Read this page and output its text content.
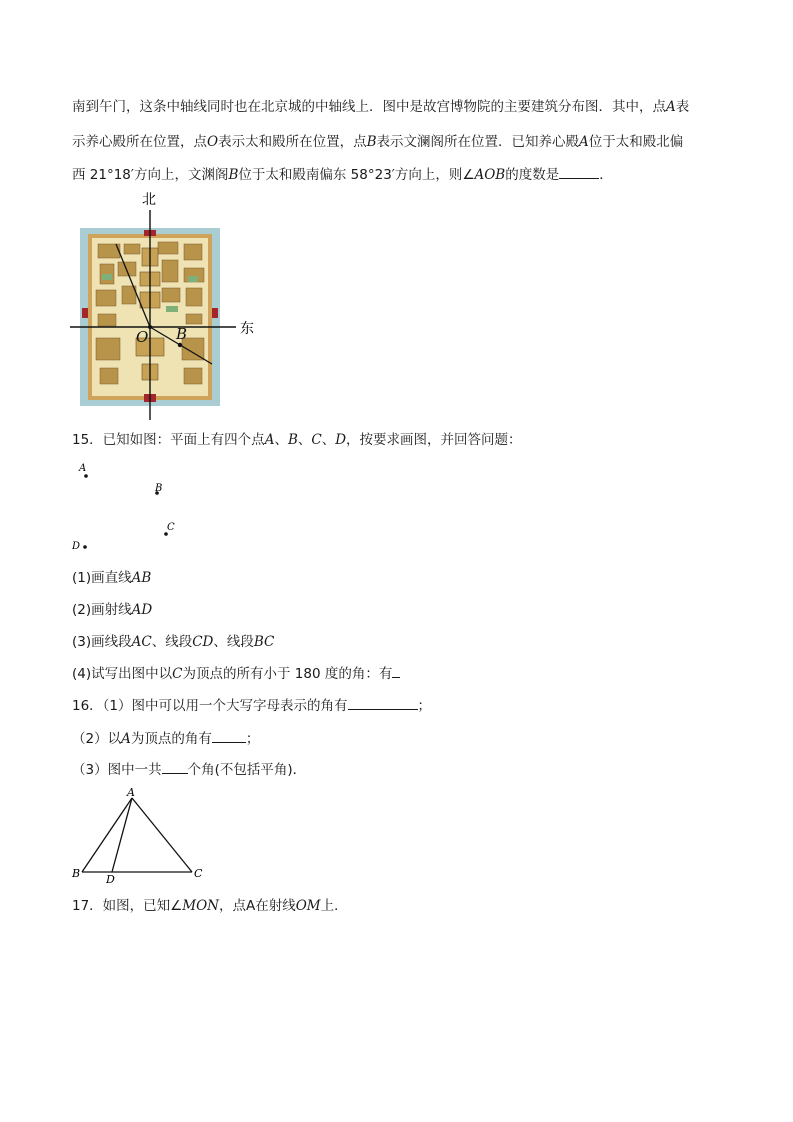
南到午门，这条中轴线同时也在北京城的中轴线上．图中是故宫博物院的主要建筑分布图．其中，点A表
示养心殿所在位置，点O表示太和殿所在位置，点B表示文澜阁所在位置．已知养心殿A位于太和殿北偏
西 21°18′方向上，文渊阁B位于太和殿南偏东 58°23′方向上，则∠AOB的度数是	．
北
东
O B
15．已知如图：平面上有四个点A、B、C、D，按要求画图，并回答问题：
A
B
C
D
(1)画直线AB
(2)画射线AD
(3)画线段AC、线段CD、线段BC
(4)试写出图中以C为顶点的所有小于 180 度的角：有
16．（1）图中可以用一个大写字母表示的角有	；
（2）以A为顶点的角有	；
（3）图中一共 个角(不包括平角)．
A
B	C
D
17．如图，已知∠MON，点A在射线OM上．
